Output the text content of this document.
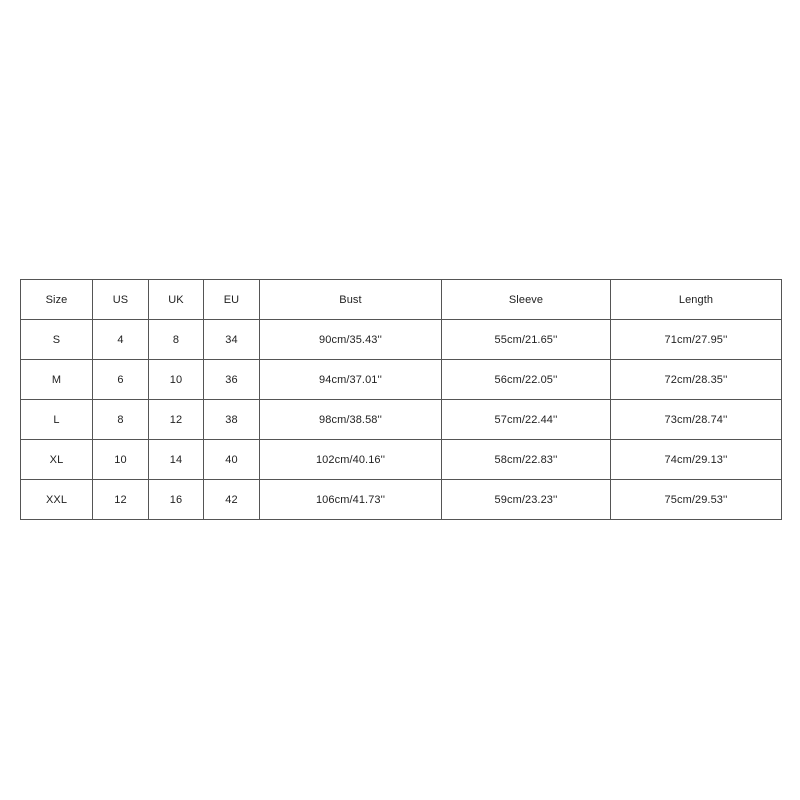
Size	US	UK	EU	Bust	Sleeve	Length
S	4	8	34	90cm/35.43''	55cm/21.65''	71cm/27.95''
M	6	10	36	94cm/37.01''	56cm/22.05''	72cm/28.35''
L	8	12	38	98cm/38.58''	57cm/22.44''	73cm/28.74''
XL	10	14	40	102cm/40.16''	58cm/22.83''	74cm/29.13''
XXL	12	16	42	106cm/41.73''	59cm/23.23''	75cm/29.53''
